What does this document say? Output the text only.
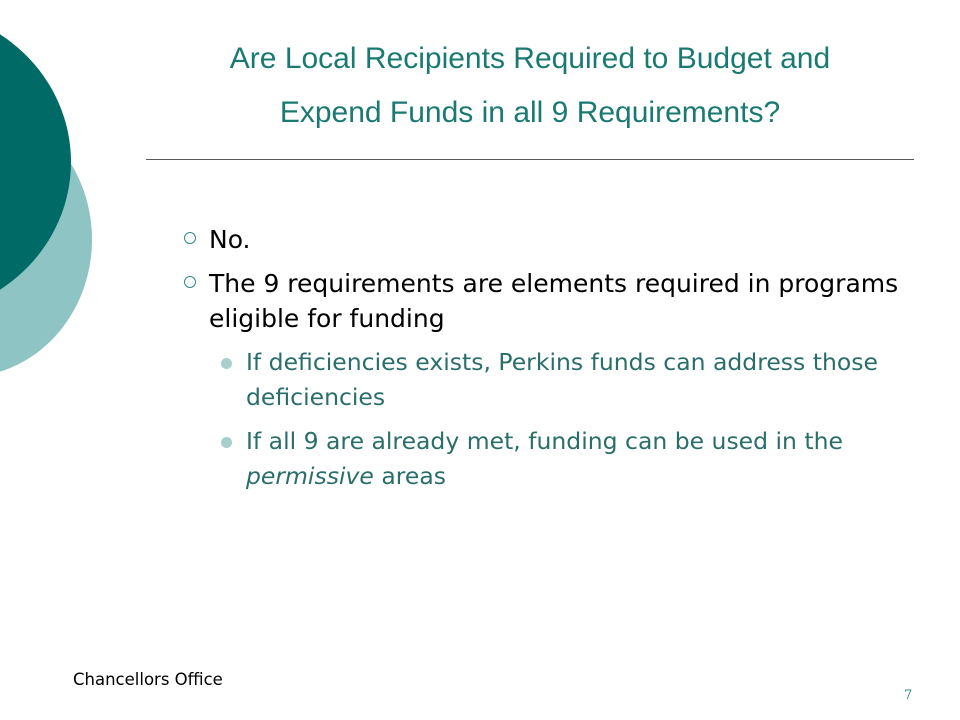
Are Local Recipients Required to Budget and
Expend Funds in all 9 Requirements?
No.
The 9 requirements are elements required in programs eligible for funding
If deficiencies exists, Perkins funds can address those deficiencies
If all 9 are already met, funding can be used in the permissive areas
Chancellors Office
7
